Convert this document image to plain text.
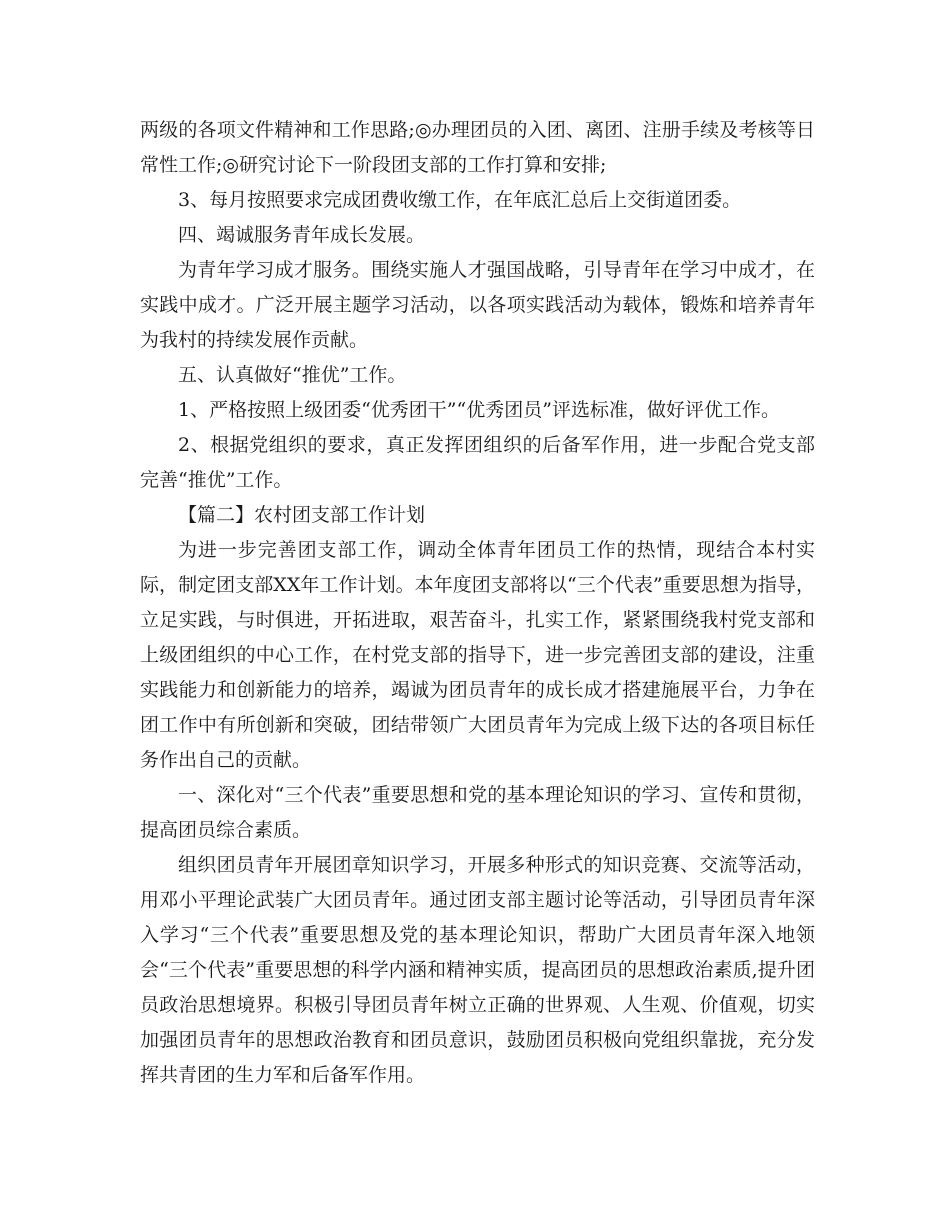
两级的各项文件精神和工作思路;◎办理团员的入团、离团、注册手续及考核等日常性工作;◎研究讨论下一阶段团支部的工作打算和安排;

3、每月按照要求完成团费收缴工作，在年底汇总后上交街道团委。

四、竭诚服务青年成长发展。

为青年学习成才服务。围绕实施人才强国战略，引导青年在学习中成才，在实践中成才。广泛开展主题学习活动，以各项实践活动为载体，锻炼和培养青年为我村的持续发展作贡献。

五、认真做好“推优”工作。

1、严格按照上级团委“优秀团干”“优秀团员”评选标准，做好评优工作。

2、根据党组织的要求，真正发挥团组织的后备军作用，进一步配合党支部完善“推优”工作。

【篇二】农村团支部工作计划

为进一步完善团支部工作，调动全体青年团员工作的热情，现结合本村实际，制定团支部XX年工作计划。本年度团支部将以“三个代表”重要思想为指导，立足实践，与时俱进，开拓进取，艰苦奋斗，扎实工作，紧紧围绕我村党支部和上级团组织的中心工作，在村党支部的指导下，进一步完善团支部的建设，注重实践能力和创新能力的培养，竭诚为团员青年的成长成才搭建施展平台，力争在团工作中有所创新和突破，团结带领广大团员青年为完成上级下达的各项目标任务作出自己的贡献。

一、深化对“三个代表”重要思想和党的基本理论知识的学习、宣传和贯彻，提高团员综合素质。

组织团员青年开展团章知识学习，开展多种形式的知识竞赛、交流等活动，用邓小平理论武装广大团员青年。通过团支部主题讨论等活动，引导团员青年深入学习“三个代表”重要思想及党的基本理论知识，帮助广大团员青年深入地领会“三个代表”重要思想的科学内涵和精神实质，提高团员的思想政治素质,提升团员政治思想境界。积极引导团员青年树立正确的世界观、人生观、价值观，切实加强团员青年的思想政治教育和团员意识，鼓励团员积极向党组织靠拢，充分发挥共青团的生力军和后备军作用。
